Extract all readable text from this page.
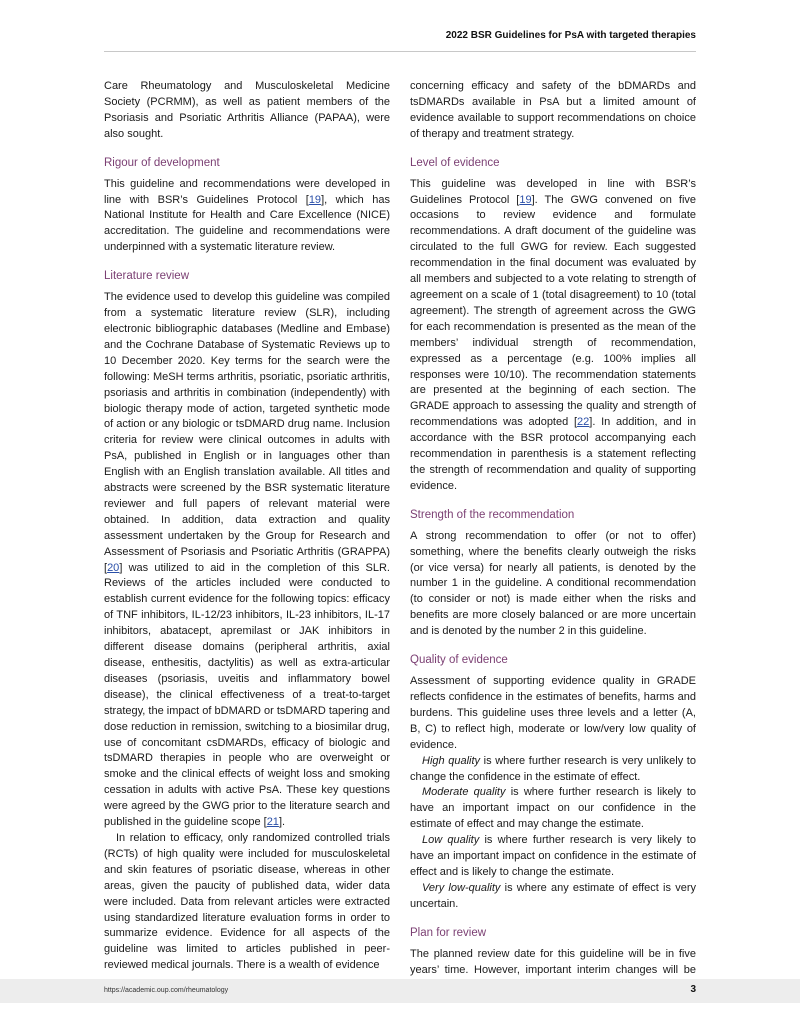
2022 BSR Guidelines for PsA with targeted therapies

Care Rheumatology and Musculoskeletal Medicine Society (PCRMM), as well as patient members of the Psoriasis and Psoriatic Arthritis Alliance (PAPAA), were also sought.

Rigour of development

This guideline and recommendations were developed in line with BSR’s Guidelines Protocol [19], which has National Institute for Health and Care Excellence (NICE) accreditation. The guideline and recommendations were underpinned with a systematic literature review.

Literature review

The evidence used to develop this guideline was compiled from a systematic literature review (SLR), including electronic bibliographic databases (Medline and Embase) and the Cochrane Database of Systematic Reviews up to 10 December 2020. Key terms for the search were the following: MeSH terms arthritis, psoriatic, psoriatic arthritis, psoriasis and arthritis in combination (independently) with biologic therapy mode of action, targeted synthetic mode of action or any biologic or tsDMARD drug name. Inclusion criteria for review were clinical outcomes in adults with PsA, published in English or in languages other than English with an English translation available. All titles and abstracts were screened by the BSR systematic literature reviewer and full papers of relevant material were obtained. In addition, data extraction and quality assessment undertaken by the Group for Research and Assessment of Psoriasis and Psoriatic Arthritis (GRAPPA) [20] was utilized to aid in the completion of this SLR. Reviews of the articles included were conducted to establish current evidence for the following topics: efficacy of TNF inhibitors, IL-12/23 inhibitors, IL-23 inhibitors, IL-17 inhibitors, abatacept, apremilast or JAK inhibitors in different disease domains (peripheral arthritis, axial disease, enthesitis, dactylitis) as well as extra-articular diseases (psoriasis, uveitis and inflammatory bowel disease), the clinical effectiveness of a treat-to-target strategy, the impact of bDMARD or tsDMARD tapering and dose reduction in remission, switching to a biosimilar drug, use of concomitant csDMARDs, efficacy of biologic and tsDMARD therapies in people who are overweight or smoke and the clinical effects of weight loss and smoking cessation in adults with active PsA. These key questions were agreed by the GWG prior to the literature search and published in the guideline scope [21].

In relation to efficacy, only randomized controlled trials (RCTs) of high quality were included for musculoskeletal and skin features of psoriatic disease, whereas in other areas, given the paucity of published data, wider data were included. Data from relevant articles were extracted using standardized literature evaluation forms in order to summarize evidence. Evidence for all aspects of the guideline was limited to articles published in peer-reviewed medical journals. There is a wealth of evidence

concerning efficacy and safety of the bDMARDs and tsDMARDs available in PsA but a limited amount of evidence available to support recommendations on choice of therapy and treatment strategy.

Level of evidence

This guideline was developed in line with BSR’s Guidelines Protocol [19]. The GWG convened on five occasions to review evidence and formulate recommendations. A draft document of the guideline was circulated to the full GWG for review. Each suggested recommendation in the final document was evaluated by all members and subjected to a vote relating to strength of agreement on a scale of 1 (total disagreement) to 10 (total agreement). The strength of agreement across the GWG for each recommendation is presented as the mean of the members’ individual strength of recommendation, expressed as a percentage (e.g. 100% implies all responses were 10/10). The recommendation statements are presented at the beginning of each section. The GRADE approach to assessing the quality and strength of recommendations was adopted [22]. In addition, and in accordance with the BSR protocol accompanying each recommendation in parenthesis is a statement reflecting the strength of recommendation and quality of supporting evidence.

Strength of the recommendation

A strong recommendation to offer (or not to offer) something, where the benefits clearly outweigh the risks (or vice versa) for nearly all patients, is denoted by the number 1 in the guideline. A conditional recommendation (to consider or not) is made either when the risks and benefits are more closely balanced or are more uncertain and is denoted by the number 2 in this guideline.

Quality of evidence

Assessment of supporting evidence quality in GRADE reflects confidence in the estimates of benefits, harms and burdens. This guideline uses three levels and a letter (A, B, C) to reflect high, moderate or low/very low quality of evidence.

High quality is where further research is very unlikely to change the confidence in the estimate of effect.

Moderate quality is where further research is likely to have an important impact on our confidence in the estimate of effect and may change the estimate.

Low quality is where further research is very likely to have an important impact on confidence in the estimate of effect and is likely to change the estimate.

Very low-quality is where any estimate of effect is very uncertain.

Plan for review

The planned review date for this guideline will be in five years’ time. However, important interim changes will be

https://academic.oup.com/rheumatology	3
